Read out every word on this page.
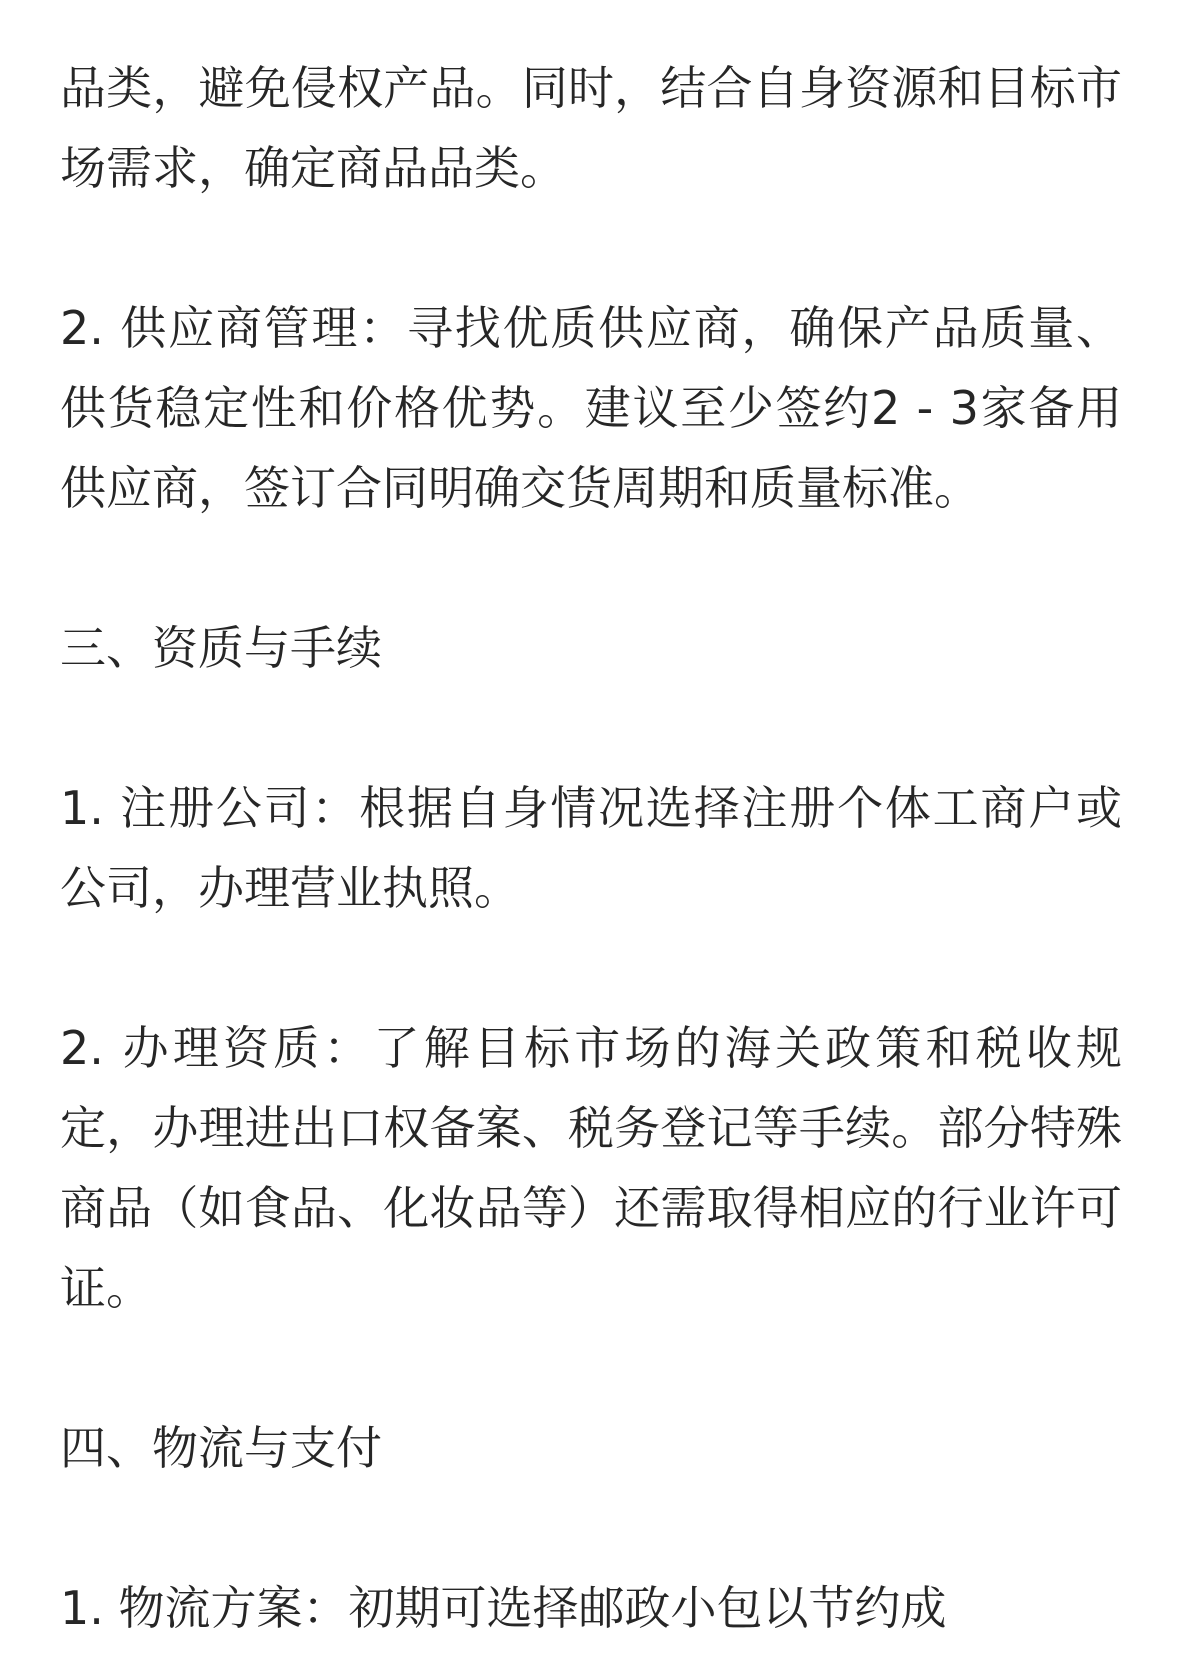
品类，避免侵权产品。同时，结合自身资源和目标市场需求，确定商品品类。

2. 供应商管理：寻找优质供应商，确保产品质量、供货稳定性和价格优势。建议至少签约2 - 3家备用供应商，签订合同明确交货周期和质量标准。

三、资质与手续

1. 注册公司：根据自身情况选择注册个体工商户或公司，办理营业执照。

2. 办理资质：了解目标市场的海关政策和税收规定，办理进出口权备案、税务登记等手续。部分特殊商品（如食品、化妆品等）还需取得相应的行业许可证。

四、物流与支付

1. 物流方案：初期可选择邮政小包以节约成
